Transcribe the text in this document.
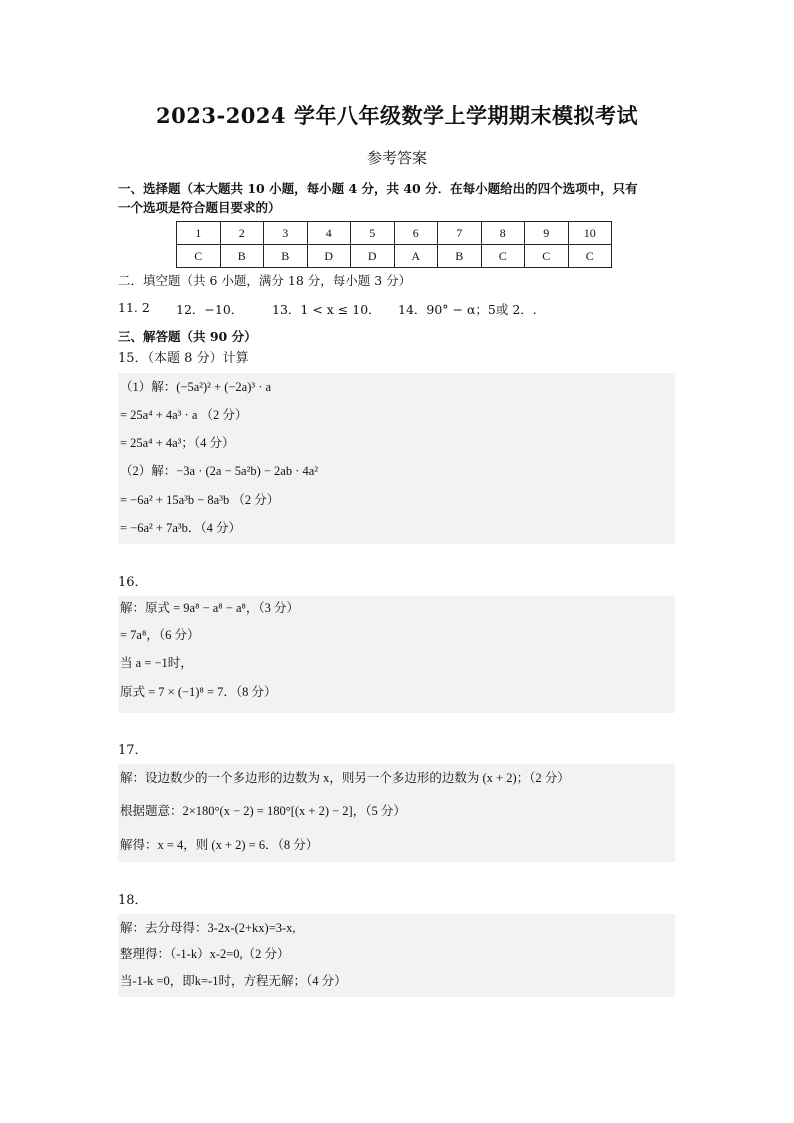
2023-2024 学年八年级数学上学期期末模拟考试
参考答案
一、选择题（本大题共 10 小题，每小题 4 分，共 40 分．在每小题给出的四个选项中，只有
一个选项是符合题目要求的）
1	2	3	4	5	6	7	8	9	10
C	B	B	D	D	A	B	C	C	C
二．填空题（共 6 小题，满分 18 分，每小题 3 分）
11. 2 12．−10． 13．1 < x ≤ 10． 14．90° − α；5或 2．.
三、解答题（共 90 分）
15．（本题 8 分）计算
（1）解：(−5a²)² + (−2a)³ · a
= 25a⁴ + 4a³ · a （2 分）
= 25a⁴ + 4a³；（4 分）
（2）解：−3a · (2a − 5a²b) − 2ab · 4a²
= −6a² + 15a³b − 8a³b （2 分）
= −6a² + 7a³b．（4 分）
16．
解：原式 = 9a⁸ − a⁸ − a⁸，（3 分）
= 7a⁸，（6 分）
当 a = −1时，
原式 = 7 × (−1)⁸ = 7．（8 分）
17．
解：设边数少的一个多边形的边数为 x，则另一个多边形的边数为 (x + 2)；（2 分）
根据题意：2×180°(x − 2) = 180°[(x + 2) − 2]，（5 分）
解得：x = 4，则 (x + 2) = 6．（8 分）
18．
解：去分母得：3-2x-(2+kx)=3-x,
整理得：（-1-k）x-2=0,（2 分）
当-1-k =0，即k=-1时，方程无解；（4 分）
